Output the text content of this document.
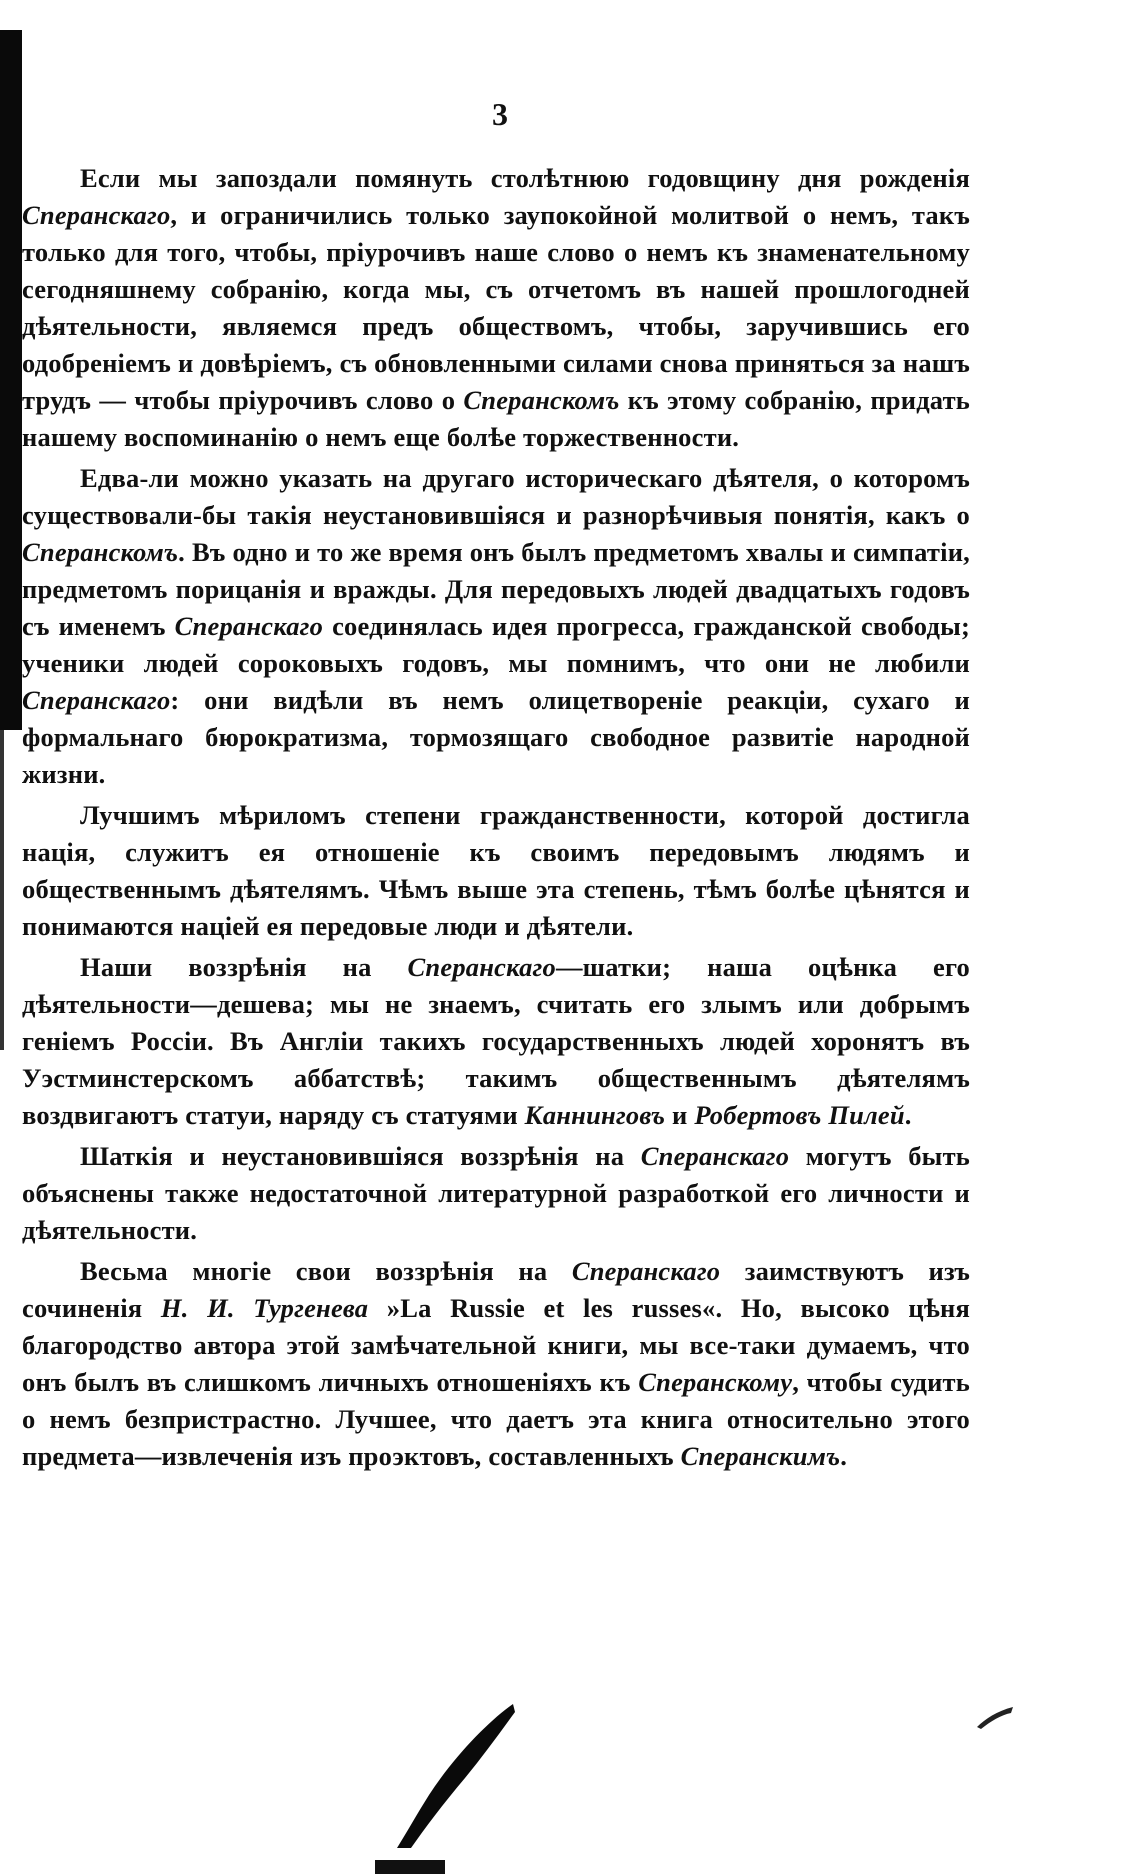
3

Если мы запоздали помянуть столѣтнюю годовщину дня рожденія Сперанскаго, и ограничились только заупокойной молитвой о немъ, такъ только для того, чтобы, пріурочивъ наше слово о немъ къ знаменательному сегодняшнему собранію, когда мы, съ отчетомъ въ нашей прошлогодней дѣятельности, являемся предъ обществомъ, чтобы, заручившись его одобреніемъ и довѣріемъ, съ обновленными силами снова приняться за нашъ трудъ — чтобы пріурочивъ слово о Сперанскомъ къ этому собранію, придать нашему воспоминанію о немъ еще болѣе торжественности.

Едва-ли можно указать на другаго историческаго дѣятеля, о которомъ существовали-бы такія неустановившіяся и разнорѣчивыя понятія, какъ о Сперанскомъ. Въ одно и то же время онъ былъ предметомъ хвалы и симпатіи, предметомъ порицанія и вражды. Для передовыхъ людей двадцатыхъ годовъ съ именемъ Сперанскаго соединялась идея прогресса, гражданской свободы; ученики людей сороковыхъ годовъ, мы помнимъ, что они не любили Сперанскаго: они видѣли въ немъ олицетвореніе реакціи, сухаго и формальнаго бюрократизма, тормозящаго свободное развитіе народной жизни.

Лучшимъ мѣриломъ степени гражданственности, которой достигла нація, служитъ ея отношеніе къ своимъ передовымъ людямъ и общественнымъ дѣятелямъ. Чѣмъ выше эта степень, тѣмъ болѣе цѣнятся и понимаются націей ея передовые люди и дѣятели.

Наши воззрѣнія на Сперанскаго—шатки; наша оцѣнка его дѣятельности—дешева; мы не знаемъ, считать его злымъ или добрымъ геніемъ Россіи. Въ Англіи такихъ государственныхъ людей хоронятъ въ Уэстминстерскомъ аббатствѣ; такимъ общественнымъ дѣятелямъ воздвигаютъ статуи, наряду съ статуями Каннинговъ и Робертовъ Пилей.

Шаткія и неустановившіяся воззрѣнія на Сперанскаго могутъ быть объяснены также недостаточной литературной разработкой его личности и дѣятельности.

Весьма многіе свои воззрѣнія на Сперанскаго заимствуютъ изъ сочиненія Н. И. Тургенева »La Russie et les russes«. Но, высоко цѣня благородство автора этой замѣчательной книги, мы все-таки думаемъ, что онъ былъ въ слишкомъ личныхъ отношеніяхъ къ Сперанскому, чтобы судить о немъ безпристрастно. Лучшее, что даетъ эта книга относительно этого предмета—извлеченія изъ проэктовъ, составленныхъ Сперанскимъ.
